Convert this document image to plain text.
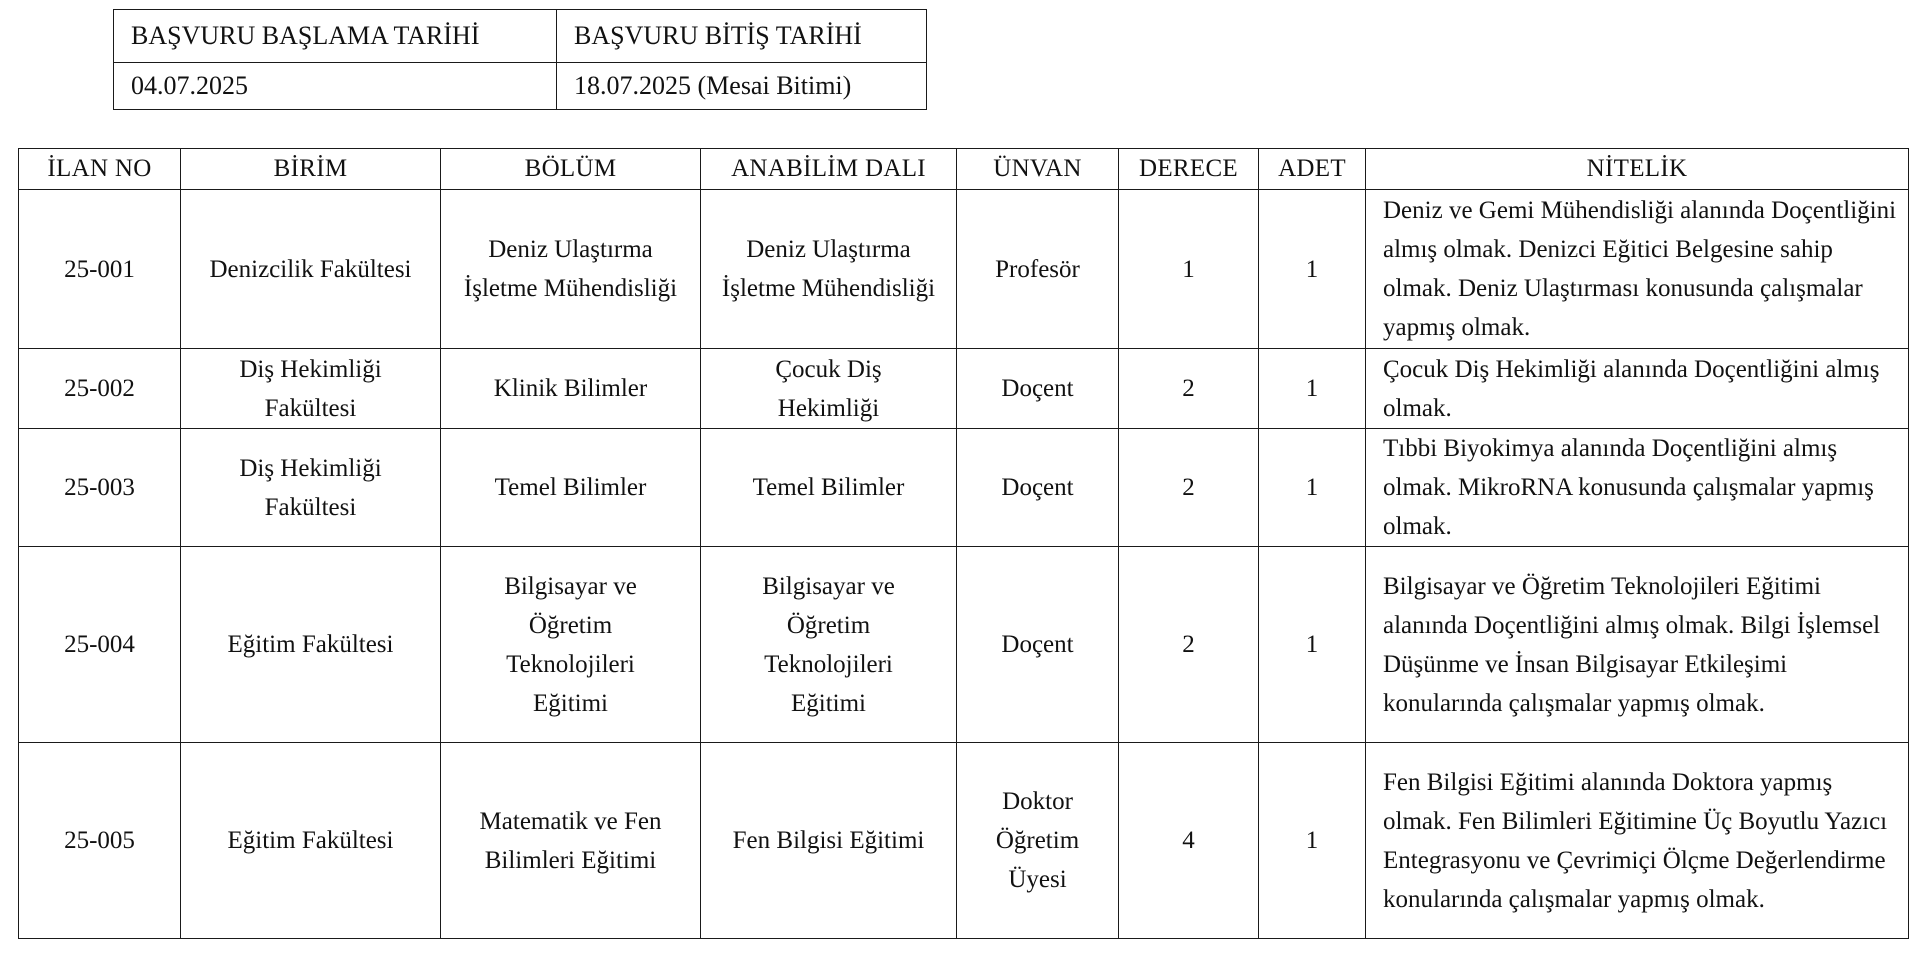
BAŞVURU BAŞLAMA TARİHİ	BAŞVURU BİTİŞ TARİHİ
04.07.2025	18.07.2025 (Mesai Bitimi)
İLAN NO	BİRİM	BÖLÜM	ANABİLİM DALI	ÜNVAN	DERECE	ADET	NİTELİK
25-001	Denizcilik Fakültesi	Deniz Ulaştırma İşletme Mühendisliği	Deniz Ulaştırma İşletme Mühendisliği	Profesör	1	1	Deniz ve Gemi Mühendisliği alanında Doçentliğini almış olmak. Denizci Eğitici Belgesine sahip olmak. Deniz Ulaştırması konusunda çalışmalar yapmış olmak.
25-002	Diş Hekimliği Fakültesi	Klinik Bilimler	Çocuk Diş Hekimliği	Doçent	2	1	Çocuk Diş Hekimliği alanında Doçentliğini almış olmak.
25-003	Diş Hekimliği Fakültesi	Temel Bilimler	Temel Bilimler	Doçent	2	1	Tıbbi Biyokimya alanında Doçentliğini almış olmak. MikroRNA konusunda çalışmalar yapmış olmak.
25-004	Eğitim Fakültesi	Bilgisayar ve Öğretim Teknolojileri Eğitimi	Bilgisayar ve Öğretim Teknolojileri Eğitimi	Doçent	2	1	Bilgisayar ve Öğretim Teknolojileri Eğitimi alanında Doçentliğini almış olmak. Bilgi İşlemsel Düşünme ve İnsan Bilgisayar Etkileşimi konularında çalışmalar yapmış olmak.
25-005	Eğitim Fakültesi	Matematik ve Fen Bilimleri Eğitimi	Fen Bilgisi Eğitimi	Doktor Öğretim Üyesi	4	1	Fen Bilgisi Eğitimi alanında Doktora yapmış olmak. Fen Bilimleri Eğitimine Üç Boyutlu Yazıcı Entegrasyonu ve Çevrimiçi Ölçme Değerlendirme konularında çalışmalar yapmış olmak.
